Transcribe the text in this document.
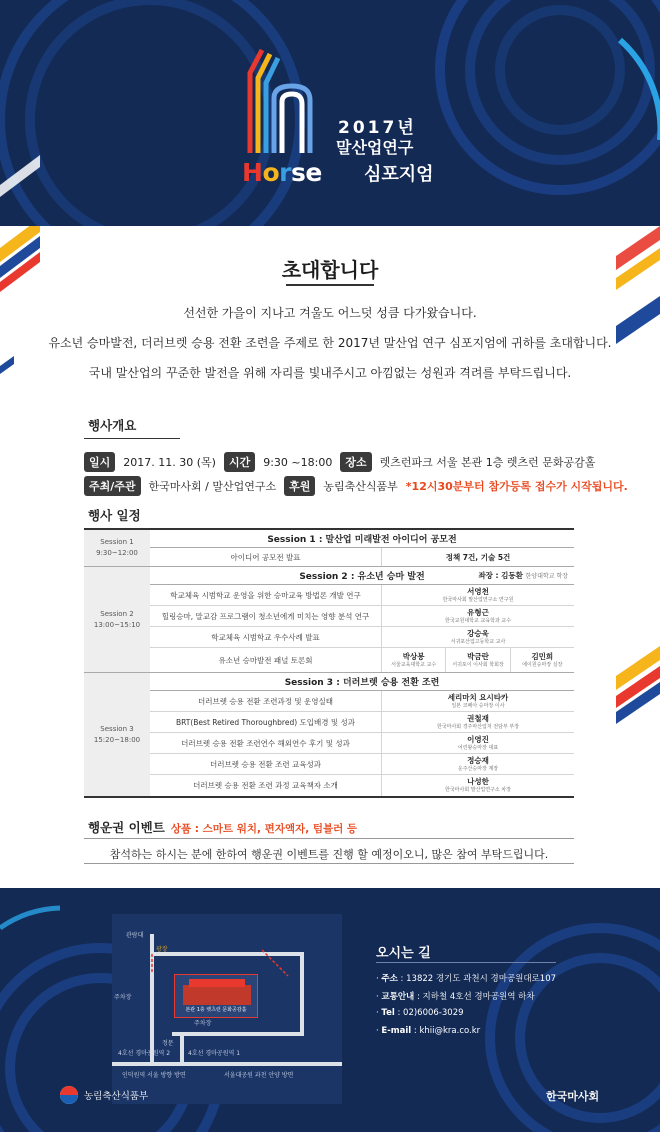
2017년
말산업연구
Horse 심포지엄
초대합니다
선선한 가을이 지나고 겨울도 어느덧 성큼 다가왔습니다.
유소년 승마발전, 더러브렛 승용 전환 조련을 주제로 한 2017년 말산업 연구 심포지엄에 귀하를 초대합니다.
국내 말산업의 꾸준한 발전을 위해 자리를 빛내주시고 아낌없는 성원과 격려를 부탁드립니다.
행사개요
일시	2017. 11. 30 (목)	시간	9:30 ~18:00	장소	렛츠런파크 서울 본관 1층 렛츠런 문화공감홀
주최/주관	한국마사회 / 말산업연구소	후원	농림축산식품부 *12시30분부터 참가등록 접수가 시작됩니다.
행사 일정
Session 1
9:30~12:00
Session 1 : 말산업 미래발전 아이디어 공모전
아이디어 공모전 발표	정책 7건, 기술 5건
Session 2
13:00~15:10
Session 2 : 유소년 승마 발전	좌장 : 김동환 한양대학교 학장
학교체육 시범학교 운영을 위한 승마교육 방법론 개발 연구	서영천
한국마사회 말산업연구소 연구원
힐링승마, 말교감 프로그램이 청소년에게 미치는 영향 분석 연구	유형근
한국교원대학교 교육학과 교수
학교체육 시범학교 우수사례 발표	강승욱
서귀포산업고등학교 교사
유소년 승마발전 패널 토론회	박상봉
서울교육대학교 교수
박금란
서귀포이 이사회 학회장
김민희
에이원승마장 실장
Session 3
15:20~18:00
Session 3 : 더러브렛 승용 전환 조련
더러브렛 승용 전환 조련과정 및 운영실태	세리마치 요시타카
일본 코페아 승마장 이사
BRT(Best Retired Thoroughbred) 도입배경 및 성과	권철재
한국마사회 경주마산업처 전담부 부장
더러브렛 승용 전환 조련연수 해외연수 후기 및 성과	이영진
어린왕승마장 대표
더러브렛 승용 전환 조련 교육성과	정승재
운주산승마장 계장
더러브렛 승용 전환 조련 과정 교육책자 소개	나성한
한국마사회 말산업연구소 차장
행운권 이벤트 상품 : 스마트 워치, 편자액자, 텀블러 등
참석하는 하시는 분에 한하여 행운권 이벤트를 진행 할 예정이오니, 많은 참여 부탁드립니다.
본관 1층 렛츠런 문화공감홀
관람대
광장
주차장
주차장
정문
4호선 경마공원역 2	4호선 경마공원역 1
인덕원역 서울 방향 방면	서울대공원 과천 안양 방면
오시는 길
· 주소 : 13822 경기도 과천시 경마공원대로107
· 교통안내 : 지하철 4호선 경마공원역 하차
· Tel : 02)6006-3029
· E-mail : khii@kra.co.kr
농림축산식품부	한국마사회
